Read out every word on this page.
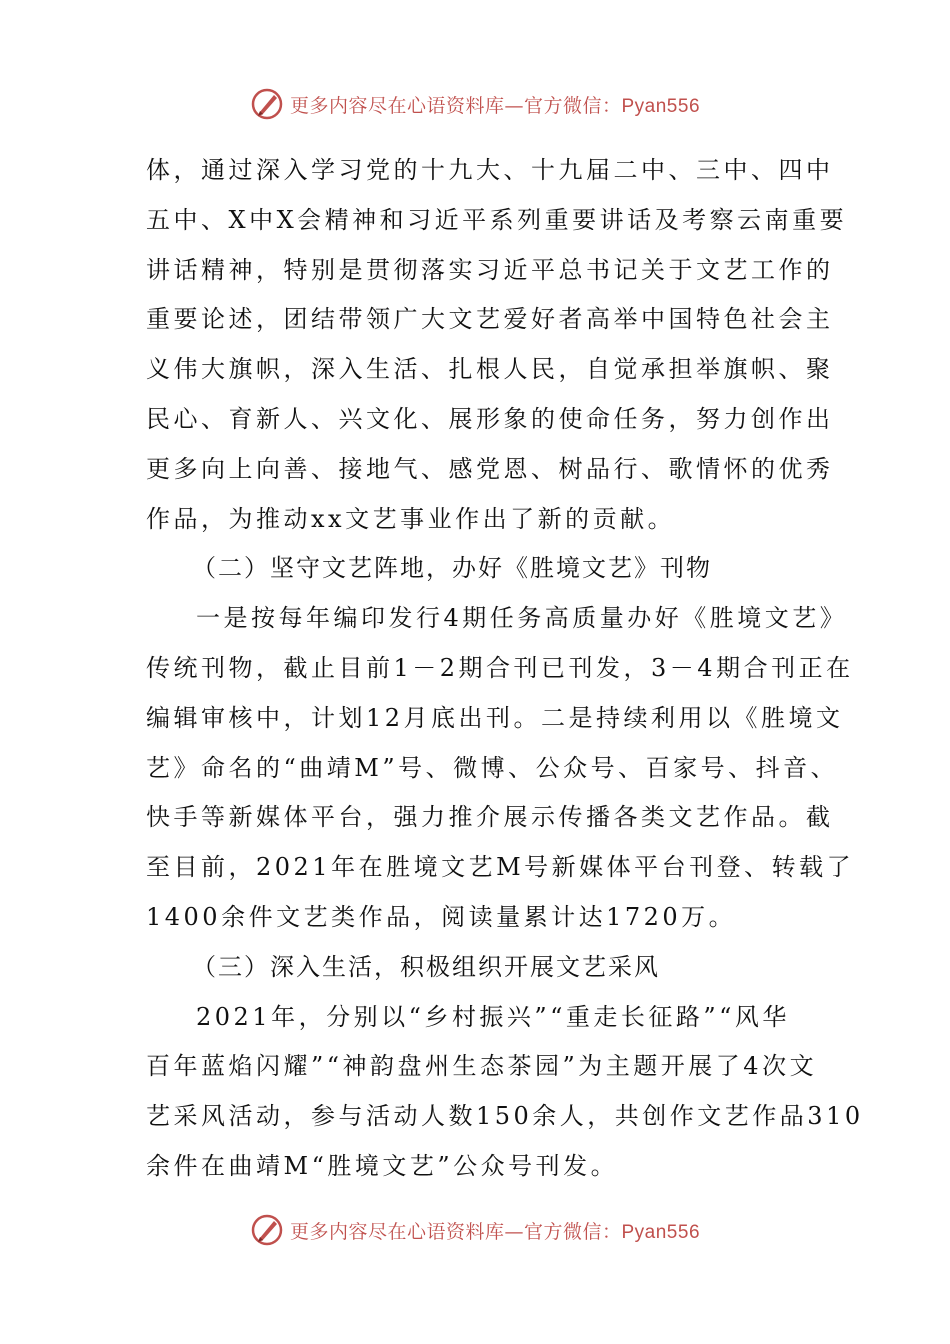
更多内容尽在心语资料库—官方微信：Pyan556
体，通过深入学习党的十九大、十九届二中、三中、四中
五中、X中X会精神和习近平系列重要讲话及考察云南重要
讲话精神，特别是贯彻落实习近平总书记关于文艺工作的
重要论述，团结带领广大文艺爱好者高举中国特色社会主
义伟大旗帜，深入生活、扎根人民，自觉承担举旗帜、聚
民心、育新人、兴文化、展形象的使命任务，努力创作出
更多向上向善、接地气、感党恩、树品行、歌情怀的优秀
作品，为推动xx文艺事业作出了新的贡献。
（二）坚守文艺阵地，办好《胜境文艺》刊物
一是按每年编印发行4期任务高质量办好《胜境文艺》
传统刊物，截止目前1－2期合刊已刊发，3－4期合刊正在
编辑审核中，计划12月底出刊。二是持续利用以《胜境文
艺》命名的“曲靖M”号、微博、公众号、百家号、抖音、
快手等新媒体平台，强力推介展示传播各类文艺作品。截
至目前，2021年在胜境文艺M号新媒体平台刊登、转载了
1400余件文艺类作品，阅读量累计达1720万。
（三）深入生活，积极组织开展文艺采风
2021年，分别以“乡村振兴”“重走长征路”“风华
百年蓝焰闪耀”“神韵盘州生态茶园”为主题开展了4次文
艺采风活动，参与活动人数150余人，共创作文艺作品310
余件在曲靖M“胜境文艺”公众号刊发。
更多内容尽在心语资料库—官方微信：Pyan556
